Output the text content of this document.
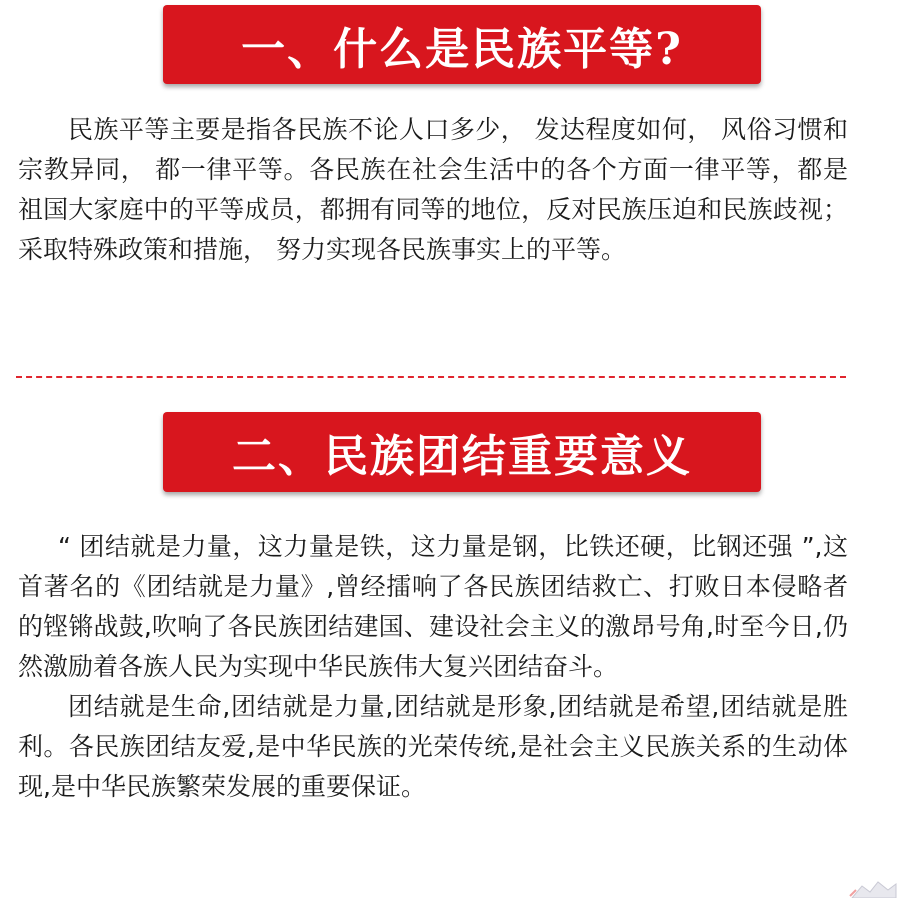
一、什么是民族平等?

民族平等主要是指各民族不论人口多少， 发达程度如何， 风俗习惯和宗教异同， 都一律平等。各民族在社会生活中的各个方面一律平等，都是祖国大家庭中的平等成员，都拥有同等的地位，反对民族压迫和民族歧视； 采取特殊政策和措施， 努力实现各民族事实上的平等。

二、民族团结重要意义

“ 团结就是力量，这力量是铁，这力量是钢，比铁还硬，比钢还强 ”,这首著名的《团结就是力量》,曾经擂响了各民族团结救亡、打败日本侵略者的铿锵战鼓,吹响了各民族团结建国、建设社会主义的激昂号角,时至今日,仍然激励着各族人民为实现中华民族伟大复兴团结奋斗。

团结就是生命,团结就是力量,团结就是形象,团结就是希望,团结就是胜利。各民族团结友爱,是中华民族的光荣传统,是社会主义民族关系的生动体现,是中华民族繁荣发展的重要保证。
